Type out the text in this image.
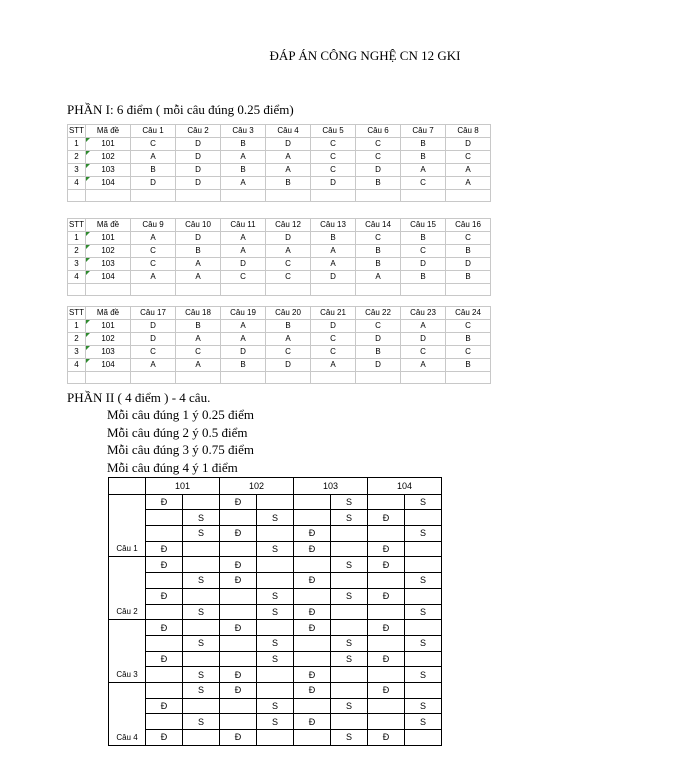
ĐÁP ÁN CÔNG NGHỆ CN 12 GKI
PHẦN I: 6 điểm ( mỗi câu đúng 0.25 điểm)
STT	Mã đề	Câu 1	Câu 2	Câu 3	Câu 4	Câu 5	Câu 6	Câu 7	Câu 8
1	101	C	D	B	D	C	C	B	D
2	102	A	D	A	A	C	C	B	C
3	103	B	D	B	A	C	D	A	A
4	104	D	D	A	B	D	B	C	A

STT	Mã đề	Câu 9	Câu 10	Câu 11	Câu 12	Câu 13	Câu 14	Câu 15	Câu 16
1	101	A	D	A	D	B	C	B	C
2	102	C	B	A	A	A	B	C	B
3	103	C	A	D	C	A	B	D	D
4	104	A	A	C	C	D	A	B	B

STT	Mã đề	Câu 17	Câu 18	Câu 19	Câu 20	Câu 21	Câu 22	Câu 23	Câu 24
1	101	D	B	A	B	D	C	A	C
2	102	D	A	A	A	C	D	D	B
3	103	C	C	D	C	C	B	C	C
4	104	A	A	B	D	A	D	A	B

PHẦN II ( 4 điểm ) - 4 câu.
Mỗi câu đúng 1 ý 0.25 điểm
Mỗi câu đúng 2 ý 0.5 điểm
Mỗi câu đúng 3 ý 0.75 điểm
Mỗi câu đúng 4 ý 1 điểm
	101		102		103		104	
Câu 1	Đ		Đ			S		S
		S		S		S	Đ	
		S	Đ		Đ			S
	Đ			S	Đ		Đ	
Câu 2	Đ		Đ			S	Đ	
		S	Đ		Đ			S
	Đ			S		S	Đ	
		S		S	Đ			S
Câu 3	Đ		Đ		Đ		Đ	
		S		S		S		S
	Đ			S		S	Đ	
		S	Đ		Đ			S
Câu 4		S	Đ		Đ		Đ	
	Đ			S		S		S
		S		S	Đ			S
	Đ		Đ			S	Đ	
